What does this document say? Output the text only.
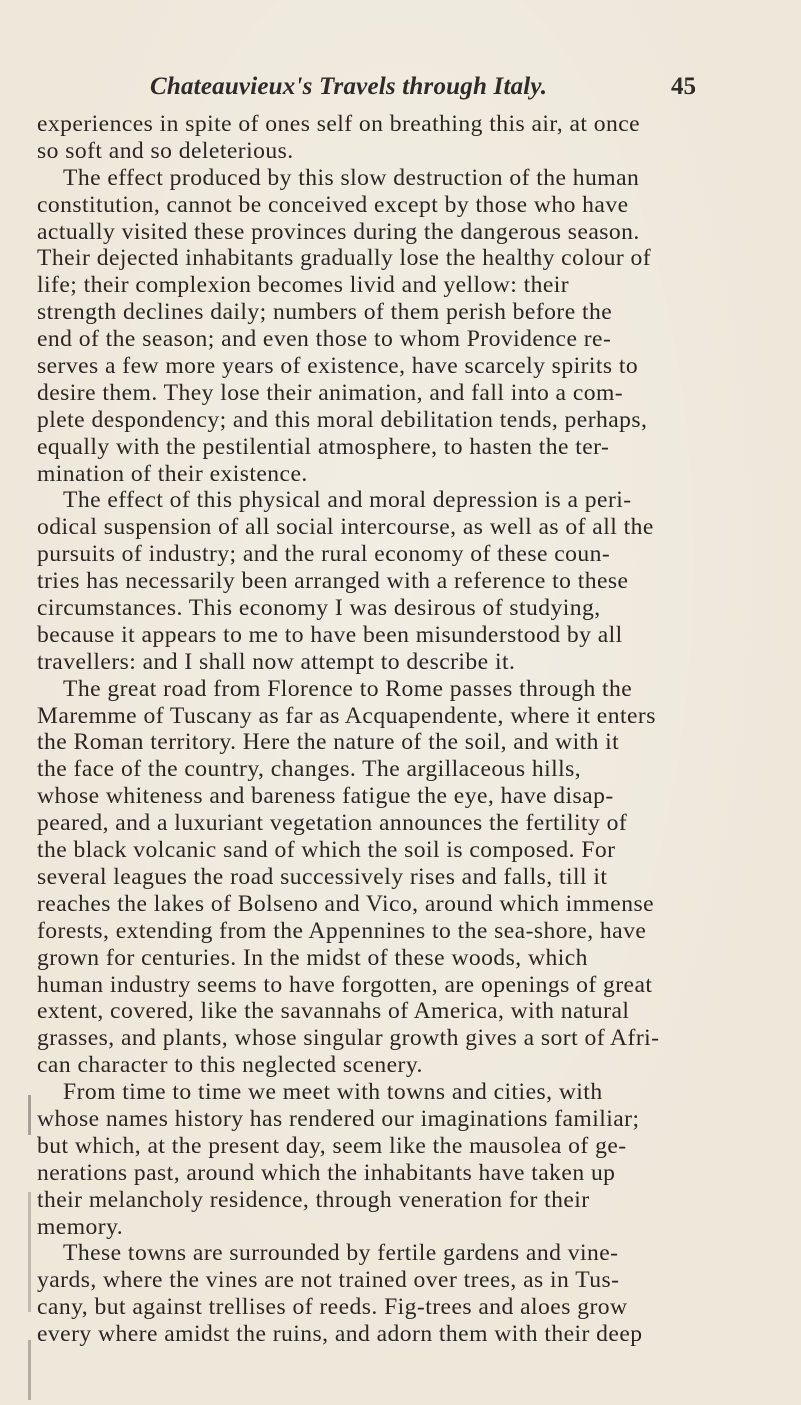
Chateauvieux's Travels through Italy.	45
experiences in spite of ones self on breathing this air, at once
so soft and so deleterious.
The effect produced by this slow destruction of the human
constitution, cannot be conceived except by those who have
actually visited these provinces during the dangerous season.
Their dejected inhabitants gradually lose the healthy colour of
life; their complexion becomes livid and yellow: their
strength declines daily; numbers of them perish before the
end of the season; and even those to whom Providence re-
serves a few more years of existence, have scarcely spirits to
desire them. They lose their animation, and fall into a com-
plete despondency; and this moral debilitation tends, perhaps,
equally with the pestilential atmosphere, to hasten the ter-
mination of their existence.
The effect of this physical and moral depression is a peri-
odical suspension of all social intercourse, as well as of all the
pursuits of industry; and the rural economy of these coun-
tries has necessarily been arranged with a reference to these
circumstances. This economy I was desirous of studying,
because it appears to me to have been misunderstood by all
travellers: and I shall now attempt to describe it.
The great road from Florence to Rome passes through the
Maremme of Tuscany as far as Acquapendente, where it enters
the Roman territory. Here the nature of the soil, and with it
the face of the country, changes. The argillaceous hills,
whose whiteness and bareness fatigue the eye, have disap-
peared, and a luxuriant vegetation announces the fertility of
the black volcanic sand of which the soil is composed. For
several leagues the road successively rises and falls, till it
reaches the lakes of Bolseno and Vico, around which immense
forests, extending from the Appennines to the sea-shore, have
grown for centuries. In the midst of these woods, which
human industry seems to have forgotten, are openings of great
extent, covered, like the savannahs of America, with natural
grasses, and plants, whose singular growth gives a sort of Afri-
can character to this neglected scenery.
From time to time we meet with towns and cities, with
whose names history has rendered our imaginations familiar;
but which, at the present day, seem like the mausolea of ge-
nerations past, around which the inhabitants have taken up
their melancholy residence, through veneration for their
memory.
These towns are surrounded by fertile gardens and vine-
yards, where the vines are not trained over trees, as in Tus-
cany, but against trellises of reeds. Fig-trees and aloes grow
every where amidst the ruins, and adorn them with their deep
